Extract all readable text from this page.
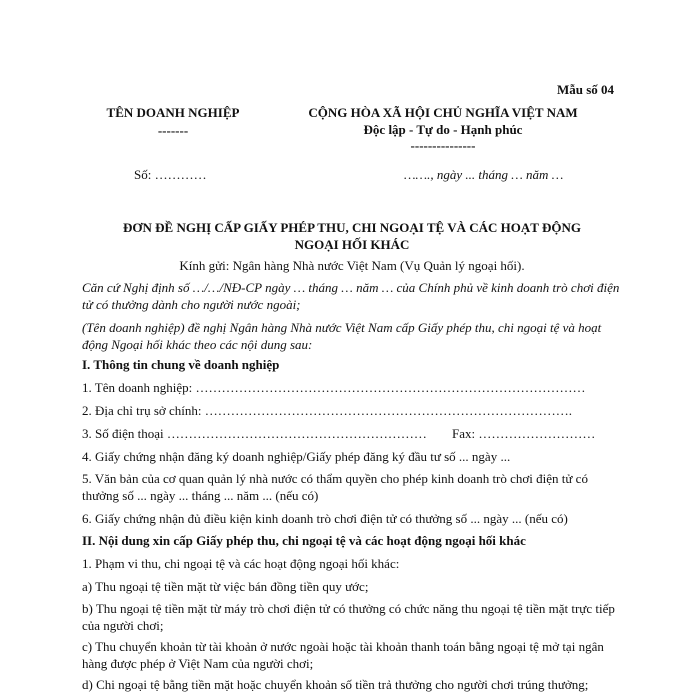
Mẫu số 04
TÊN DOANH NGHIỆP
-------
CỘNG HÒA XÃ HỘI CHỦ NGHĨA VIỆT NAM
Độc lập - Tự do - Hạnh phúc
---------------
Số: …………	……., ngày ... tháng … năm …
ĐƠN ĐỀ NGHỊ CẤP GIẤY PHÉP THU, CHI NGOẠI TỆ VÀ CÁC HOẠT ĐỘNG
NGOẠI HỐI KHÁC
Kính gửi: Ngân hàng Nhà nước Việt Nam (Vụ Quản lý ngoại hối).
Căn cứ Nghị định số …/…/NĐ-CP ngày … tháng … năm … của Chính phủ về kinh doanh trò chơi điện tử có thưởng dành cho người nước ngoài;
(Tên doanh nghiệp) đề nghị Ngân hàng Nhà nước Việt Nam cấp Giấy phép thu, chi ngoại tệ và hoạt động Ngoại hối khác theo các nội dung sau:
I. Thông tin chung về doanh nghiệp
1. Tên doanh nghiệp: ………………………………………………………………………………
2. Địa chỉ trụ sở chính: ………………………………………………………………………….
3. Số điện thoại …………………………………………………… Fax: ………………………
4. Giấy chứng nhận đăng ký doanh nghiệp/Giấy phép đăng ký đầu tư số ... ngày ...
5. Văn bản của cơ quan quản lý nhà nước có thẩm quyền cho phép kinh doanh trò chơi điện tử có thưởng số ... ngày ... tháng ... năm ... (nếu có)
6. Giấy chứng nhận đủ điều kiện kinh doanh trò chơi điện tử có thưởng số ... ngày ... (nếu có)
II. Nội dung xin cấp Giấy phép thu, chi ngoại tệ và các hoạt động ngoại hối khác
1. Phạm vi thu, chi ngoại tệ và các hoạt động ngoại hối khác:
a) Thu ngoại tệ tiền mặt từ việc bán đồng tiền quy ước;
b) Thu ngoại tệ tiền mặt từ máy trò chơi điện tử có thưởng có chức năng thu ngoại tệ tiền mặt trực tiếp của người chơi;
c) Thu chuyển khoản từ tài khoản ở nước ngoài hoặc tài khoản thanh toán bằng ngoại tệ mở tại ngân hàng được phép ở Việt Nam của người chơi;
d) Chi ngoại tệ bằng tiền mặt hoặc chuyển khoản số tiền trả thưởng cho người chơi trúng thưởng;
